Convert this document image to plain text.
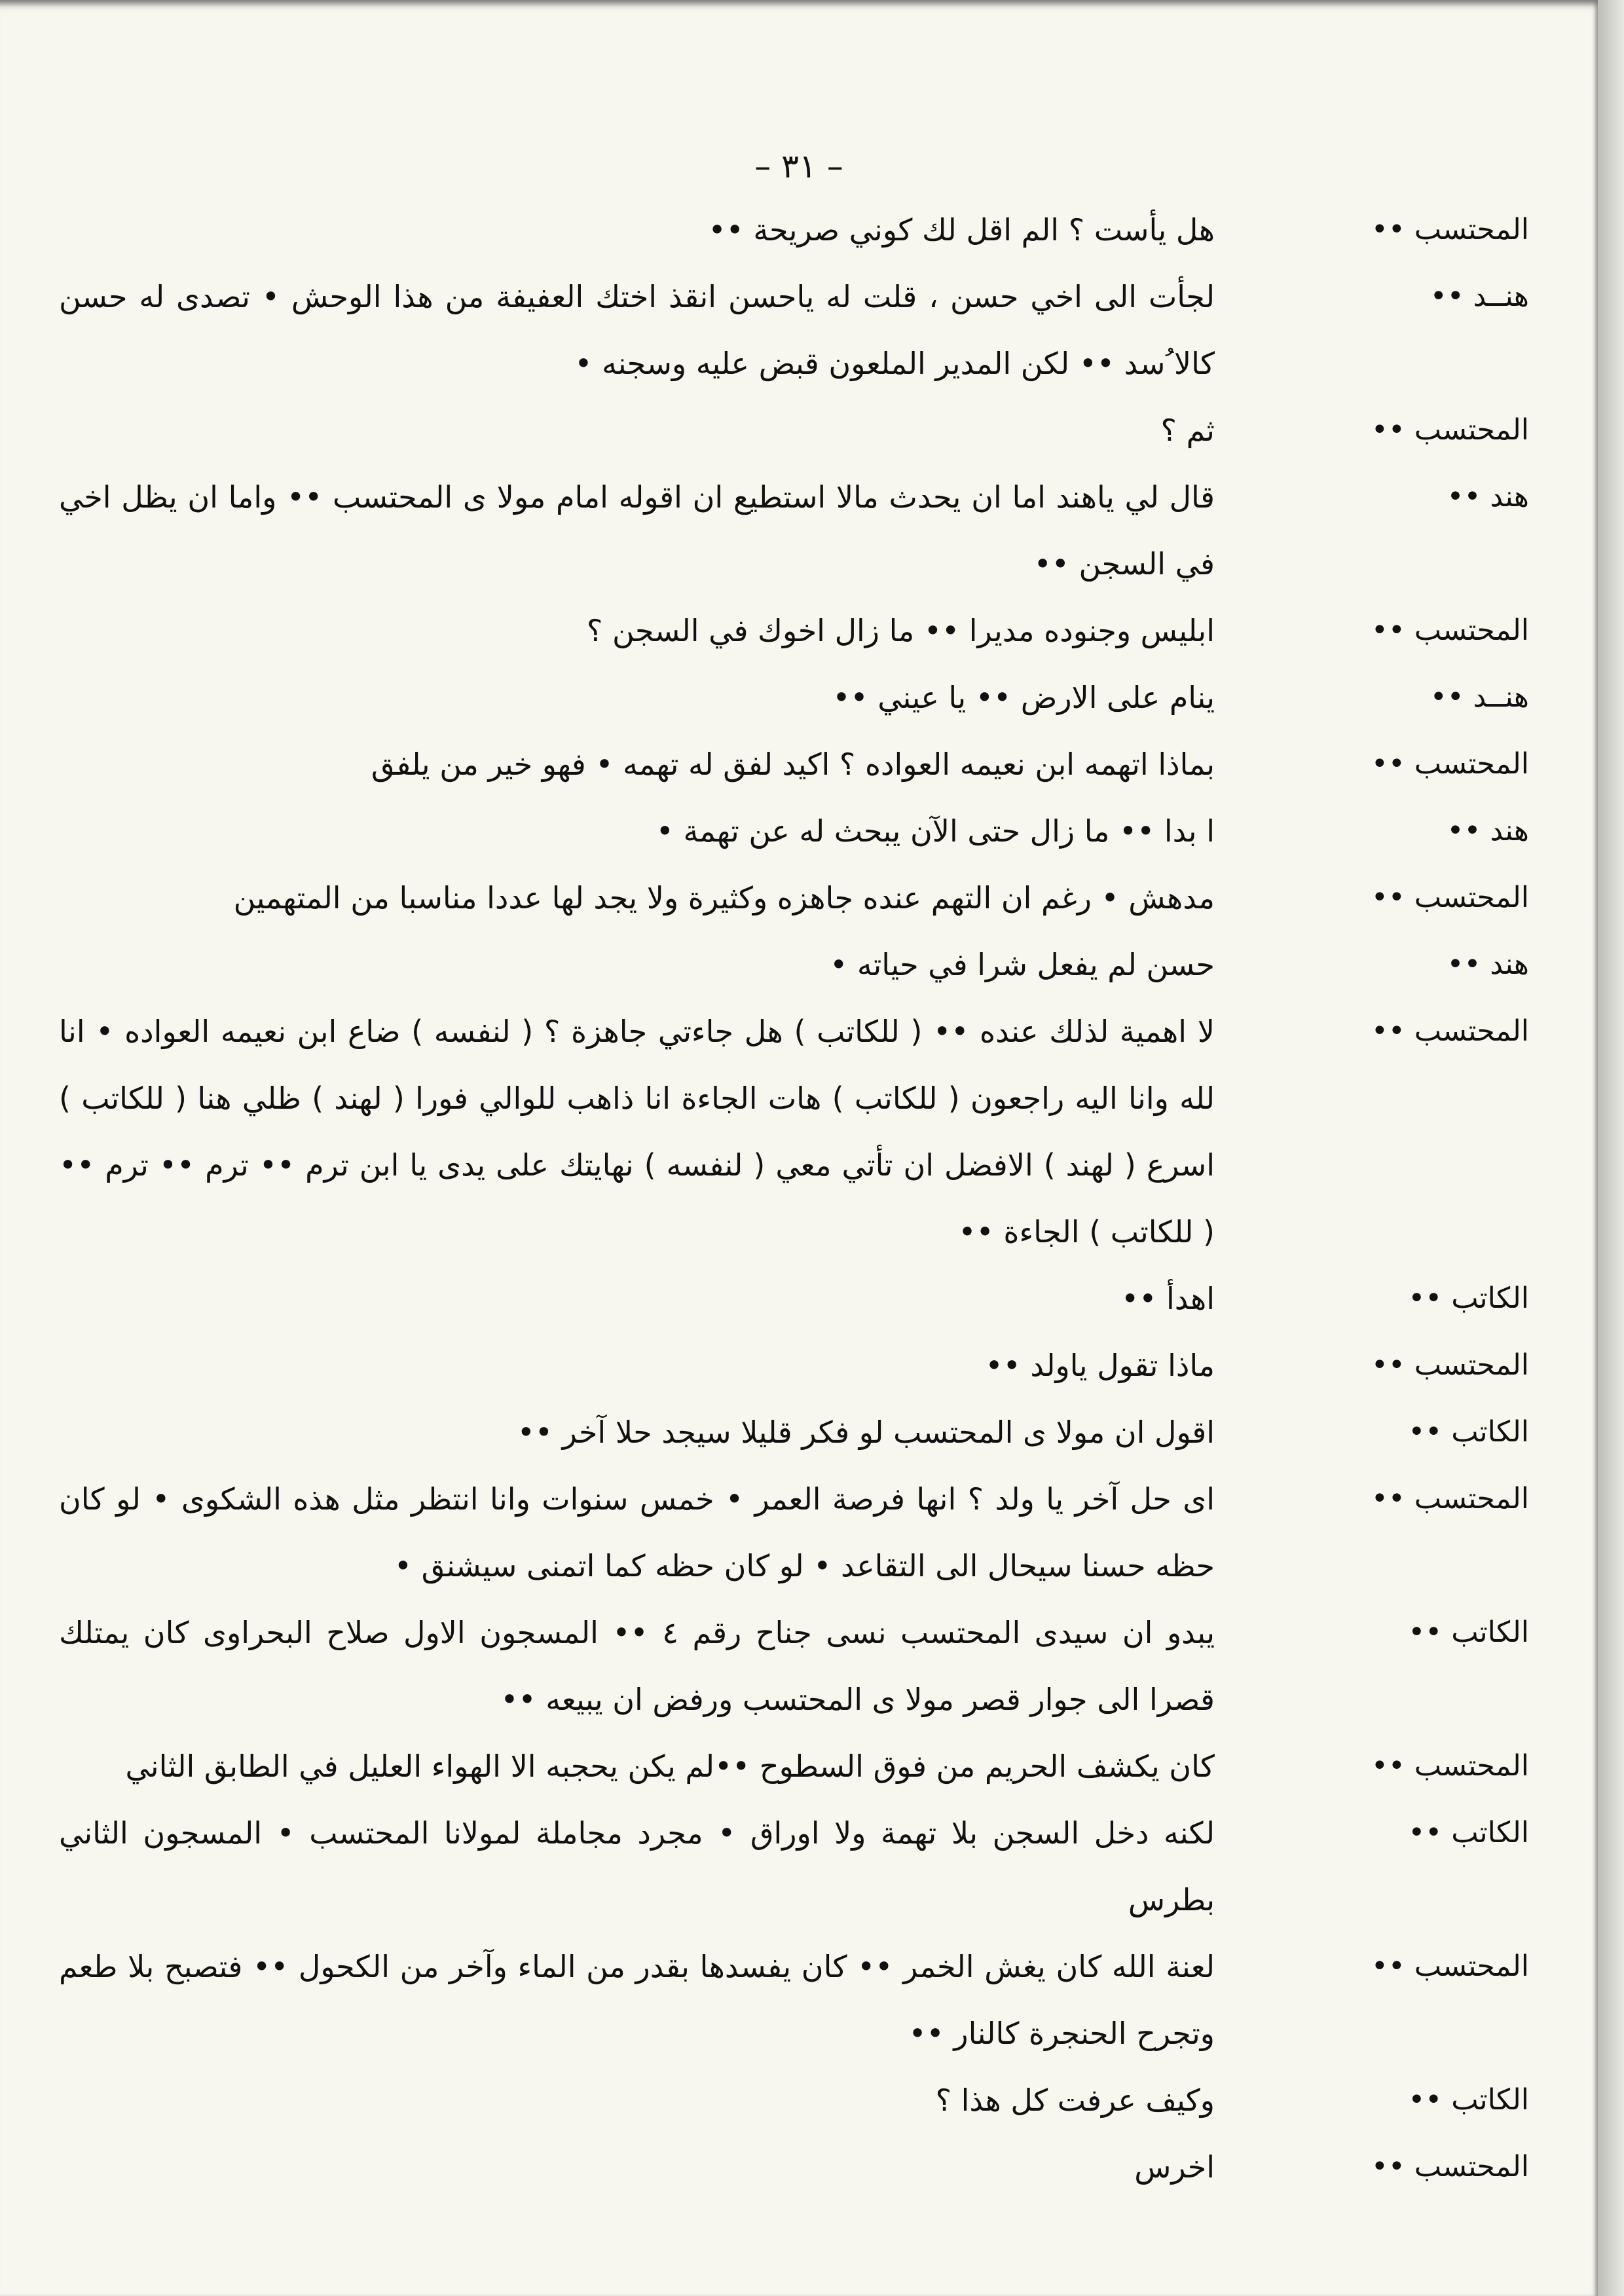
– ٣١ –
المحتسب ••
هل يأست ؟ الم اقل لك كوني صريحة ••
هنــد ••
لجأت الى اخي حسن ، قلت له ياحسن انقذ اختك العفيفة من هذا الوحش • تصدى له حسن كالا ُسد •• لكن المدير الملعون قبض عليه وسجنه •
المحتسب ••
ثم ؟
هند ••
قال لي ياهند اما ان يحدث مالا استطيع ان اقوله امام مولا ى المحتسب •• واما ان يظل اخي في السجن ••
المحتسب ••
ابليس وجنوده مديرا •• ما زال اخوك في السجن ؟
هنــد ••
ينام على الارض •• يا عيني ••
المحتسب ••
بماذا اتهمه ابن نعيمه العواده ؟ اكيد لفق له تهمه • فهو خير من يلفق
هند ••
ا بدا •• ما زال حتى الآن يبحث له عن تهمة •
المحتسب ••
مدهش • رغم ان التهم عنده جاهزه وكثيرة ولا يجد لها عددا مناسبا من المتهمين
هند ••
حسن لم يفعل شرا في حياته •
المحتسب ••
لا اهمية لذلك عنده •• ( للكاتب ) هل جاءتي جاهزة ؟ ( لنفسه ) ضاع ابن نعيمه العواده • انا لله وانا اليه راجعون ( للكاتب ) هات الجاءة انا ذاهب للوالي فورا ( لهند ) ظلي هنا ( للكاتب ) اسرع ( لهند ) الافضل ان تأتي معي ( لنفسه ) نهايتك على يدى يا ابن ترم •• ترم •• ترم •• ( للكاتب ) الجاءة ••
الكاتب ••
اهدأ ••
المحتسب ••
ماذا تقول ياولد ••
الكاتب ••
اقول ان مولا ى المحتسب لو فكر قليلا سيجد حلا آخر ••
المحتسب ••
اى حل آخر يا ولد ؟ انها فرصة العمر • خمس سنوات وانا انتظر مثل هذه الشكوى • لو كان حظه حسنا سيحال الى التقاعد • لو كان حظه كما اتمنى سيشنق •
الكاتب ••
يبدو ان سيدى المحتسب نسى جناح رقم ٤ •• المسجون الاول صلاح البحراوى كان يمتلك قصرا الى جوار قصر مولا ى المحتسب ورفض ان يبيعه ••
المحتسب ••
كان يكشف الحريم من فوق السطوح ••لم يكن يحجبه الا الهواء العليل في الطابق الثاني
الكاتب ••
لكنه دخل السجن بلا تهمة ولا اوراق • مجرد مجاملة لمولانا المحتسب • المسجون الثاني بطرس
المحتسب ••
لعنة الله كان يغش الخمر •• كان يفسدها بقدر من الماء وآخر من الكحول •• فتصبح بلا طعم وتجرح الحنجرة كالنار ••
الكاتب ••
وكيف عرفت كل هذا ؟
المحتسب ••
اخرس
